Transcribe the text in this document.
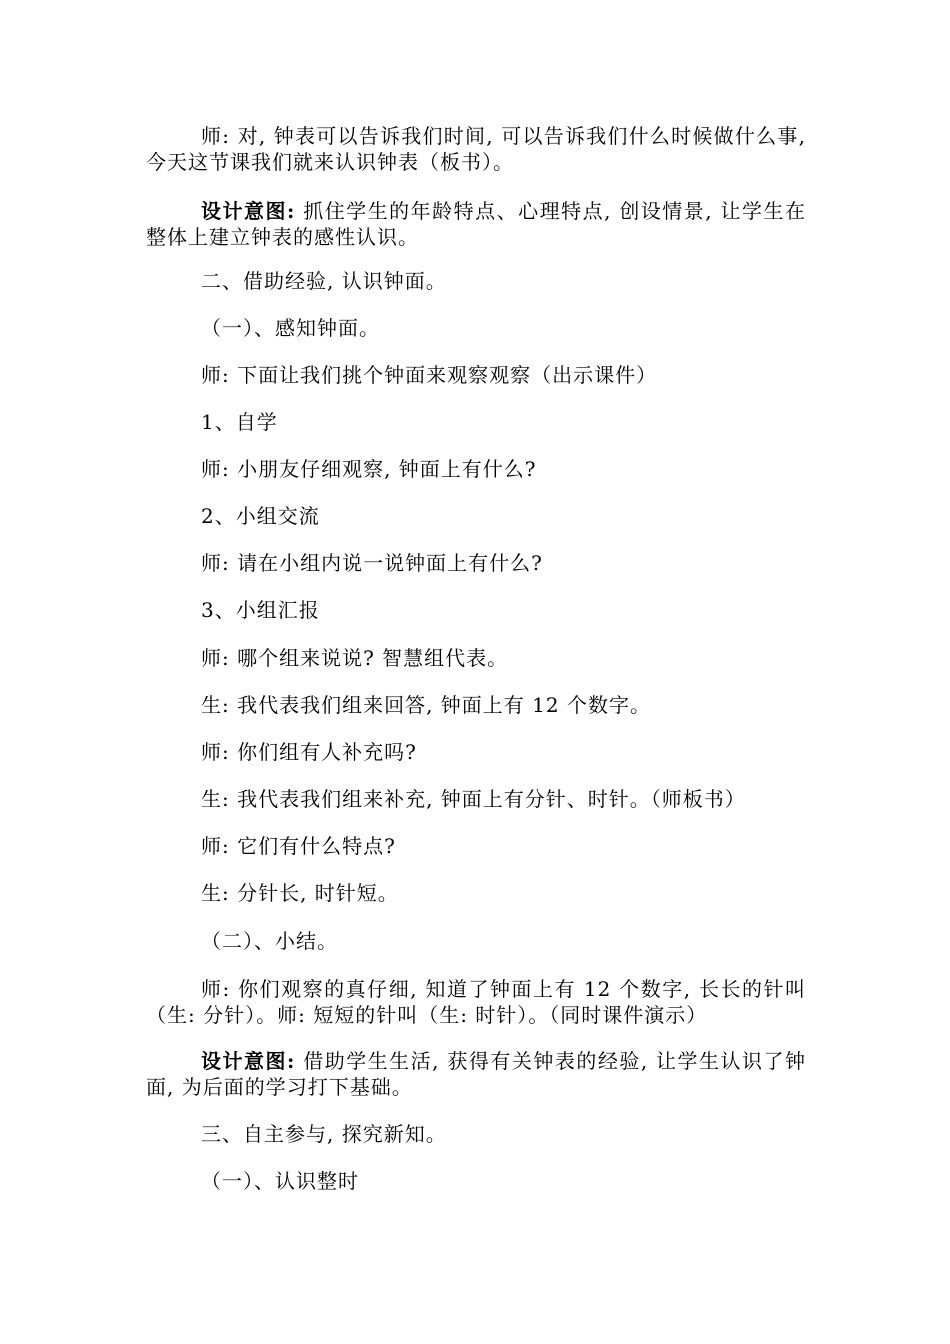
师: 对, 钟表可以告诉我们时间, 可以告诉我们什么时候做什么事, 今天这节课我们就来认识钟表（板书）。

设计意图: 抓住学生的年龄特点、心理特点, 创设情景, 让学生在整体上建立钟表的感性认识。

二、借助经验, 认识钟面。

（一）、感知钟面。

师: 下面让我们挑个钟面来观察观察（出示课件）

1、自学

师: 小朋友仔细观察, 钟面上有什么?

2、小组交流

师: 请在小组内说一说钟面上有什么?

3、小组汇报

师: 哪个组来说说? 智慧组代表。

生: 我代表我们组来回答, 钟面上有 12 个数字。

师: 你们组有人补充吗?

生: 我代表我们组来补充, 钟面上有分针、时针。（师板书）

师: 它们有什么特点?

生: 分针长, 时针短。

（二）、小结。

师: 你们观察的真仔细, 知道了钟面上有 12 个数字, 长长的针叫（生: 分针）。师: 短短的针叫（生: 时针）。（同时课件演示）

设计意图: 借助学生生活, 获得有关钟表的经验, 让学生认识了钟面, 为后面的学习打下基础。

三、自主参与, 探究新知。

（一）、认识整时
